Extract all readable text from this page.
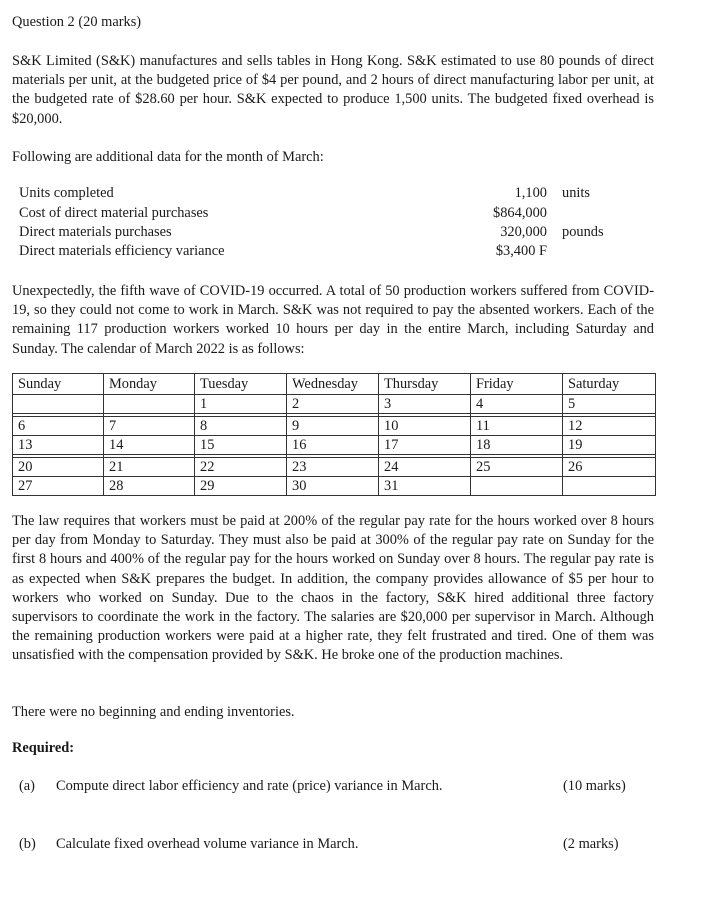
Question 2 (20 marks)
S&K Limited (S&K) manufactures and sells tables in Hong Kong. S&K estimated to use 80 pounds of direct materials per unit, at the budgeted price of $4 per pound, and 2 hours of direct manufacturing labor per unit, at the budgeted rate of $28.60 per hour. S&K expected to produce 1,500 units. The budgeted fixed overhead is $20,000.
Following are additional data for the month of March:
Units completed	1,100 units
Cost of direct material purchases	$864,000
Direct materials purchases	320,000 pounds
Direct materials efficiency variance	$3,400 F
Unexpectedly, the fifth wave of COVID-19 occurred. A total of 50 production workers suffered from COVID-19, so they could not come to work in March. S&K was not required to pay the absented workers. Each of the remaining 117 production workers worked 10 hours per day in the entire March, including Saturday and Sunday. The calendar of March 2022 is as follows:
Sunday	Monday	Tuesday	Wednesday	Thursday	Friday	Saturday
		1	2	3	4	5

6	7	8	9	10	11	12
13	14	15	16	17	18	19

20	21	22	23	24	25	26
27	28	29	30	31		
The law requires that workers must be paid at 200% of the regular pay rate for the hours worked over 8 hours per day from Monday to Saturday. They must also be paid at 300% of the regular pay rate on Sunday for the first 8 hours and 400% of the regular pay for the hours worked on Sunday over 8 hours. The regular pay rate is as expected when S&K prepares the budget. In addition, the company provides allowance of $5 per hour to workers who worked on Sunday. Due to the chaos in the factory, S&K hired additional three factory supervisors to coordinate the work in the factory. The salaries are $20,000 per supervisor in March. Although the remaining production workers were paid at a higher rate, they felt frustrated and tired. One of them was unsatisfied with the compensation provided by S&K. He broke one of the production machines.
There were no beginning and ending inventories.
Required:
(a) Compute direct labor efficiency and rate (price) variance in March.	(10 marks)
(b) Calculate fixed overhead volume variance in March.	(2 marks)
